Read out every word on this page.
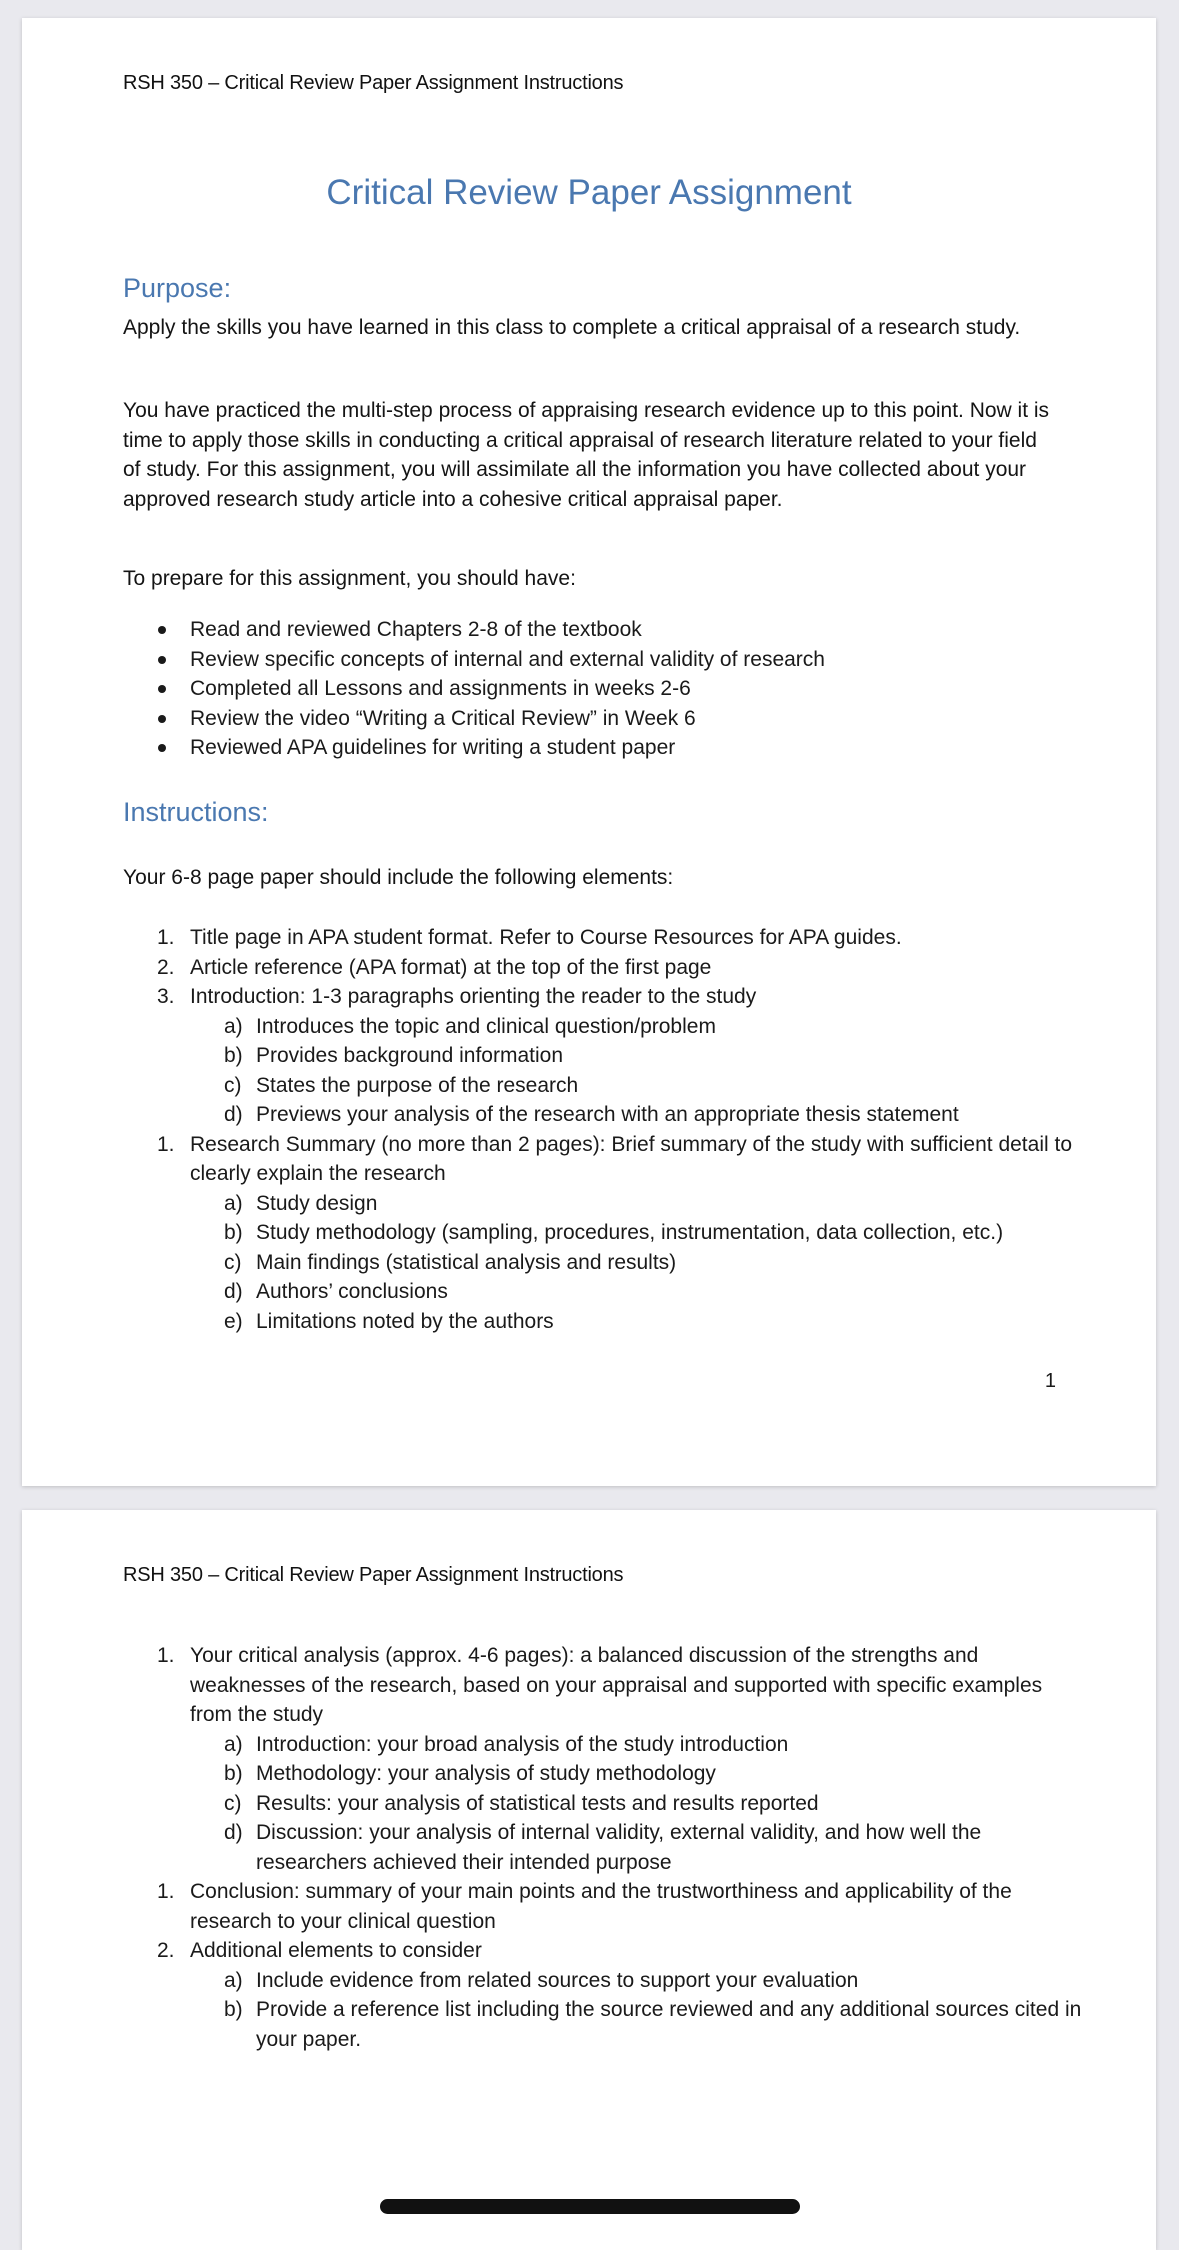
RSH 350 – Critical Review Paper Assignment Instructions
Critical Review Paper Assignment
Purpose:
Apply the skills you have learned in this class to complete a critical appraisal of a research study.
You have practiced the multi-step process of appraising research evidence up to this point. Now it is time to apply those skills in conducting a critical appraisal of research literature related to your field of study. For this assignment, you will assimilate all the information you have collected about your approved research study article into a cohesive critical appraisal paper.
To prepare for this assignment, you should have:
Read and reviewed Chapters 2-8 of the textbook
Review specific concepts of internal and external validity of research
Completed all Lessons and assignments in weeks 2-6
Review the video “Writing a Critical Review” in Week 6
Reviewed APA guidelines for writing a student paper
Instructions:
Your 6-8 page paper should include the following elements:
1. Title page in APA student format. Refer to Course Resources for APA guides.
2. Article reference (APA format) at the top of the first page
3. Introduction: 1-3 paragraphs orienting the reader to the study
a) Introduces the topic and clinical question/problem
b) Provides background information
c) States the purpose of the research
d) Previews your analysis of the research with an appropriate thesis statement
1. Research Summary (no more than 2 pages): Brief summary of the study with sufficient detail to clearly explain the research
a) Study design
b) Study methodology (sampling, procedures, instrumentation, data collection, etc.)
c) Main findings (statistical analysis and results)
d) Authors’ conclusions
e) Limitations noted by the authors
1
RSH 350 – Critical Review Paper Assignment Instructions
1. Your critical analysis (approx. 4-6 pages): a balanced discussion of the strengths and weaknesses of the research, based on your appraisal and supported with specific examples from the study
a) Introduction: your broad analysis of the study introduction
b) Methodology: your analysis of study methodology
c) Results: your analysis of statistical tests and results reported
d) Discussion: your analysis of internal validity, external validity, and how well the researchers achieved their intended purpose
1. Conclusion: summary of your main points and the trustworthiness and applicability of the research to your clinical question
2. Additional elements to consider
a) Include evidence from related sources to support your evaluation
b) Provide a reference list including the source reviewed and any additional sources cited in your paper.
